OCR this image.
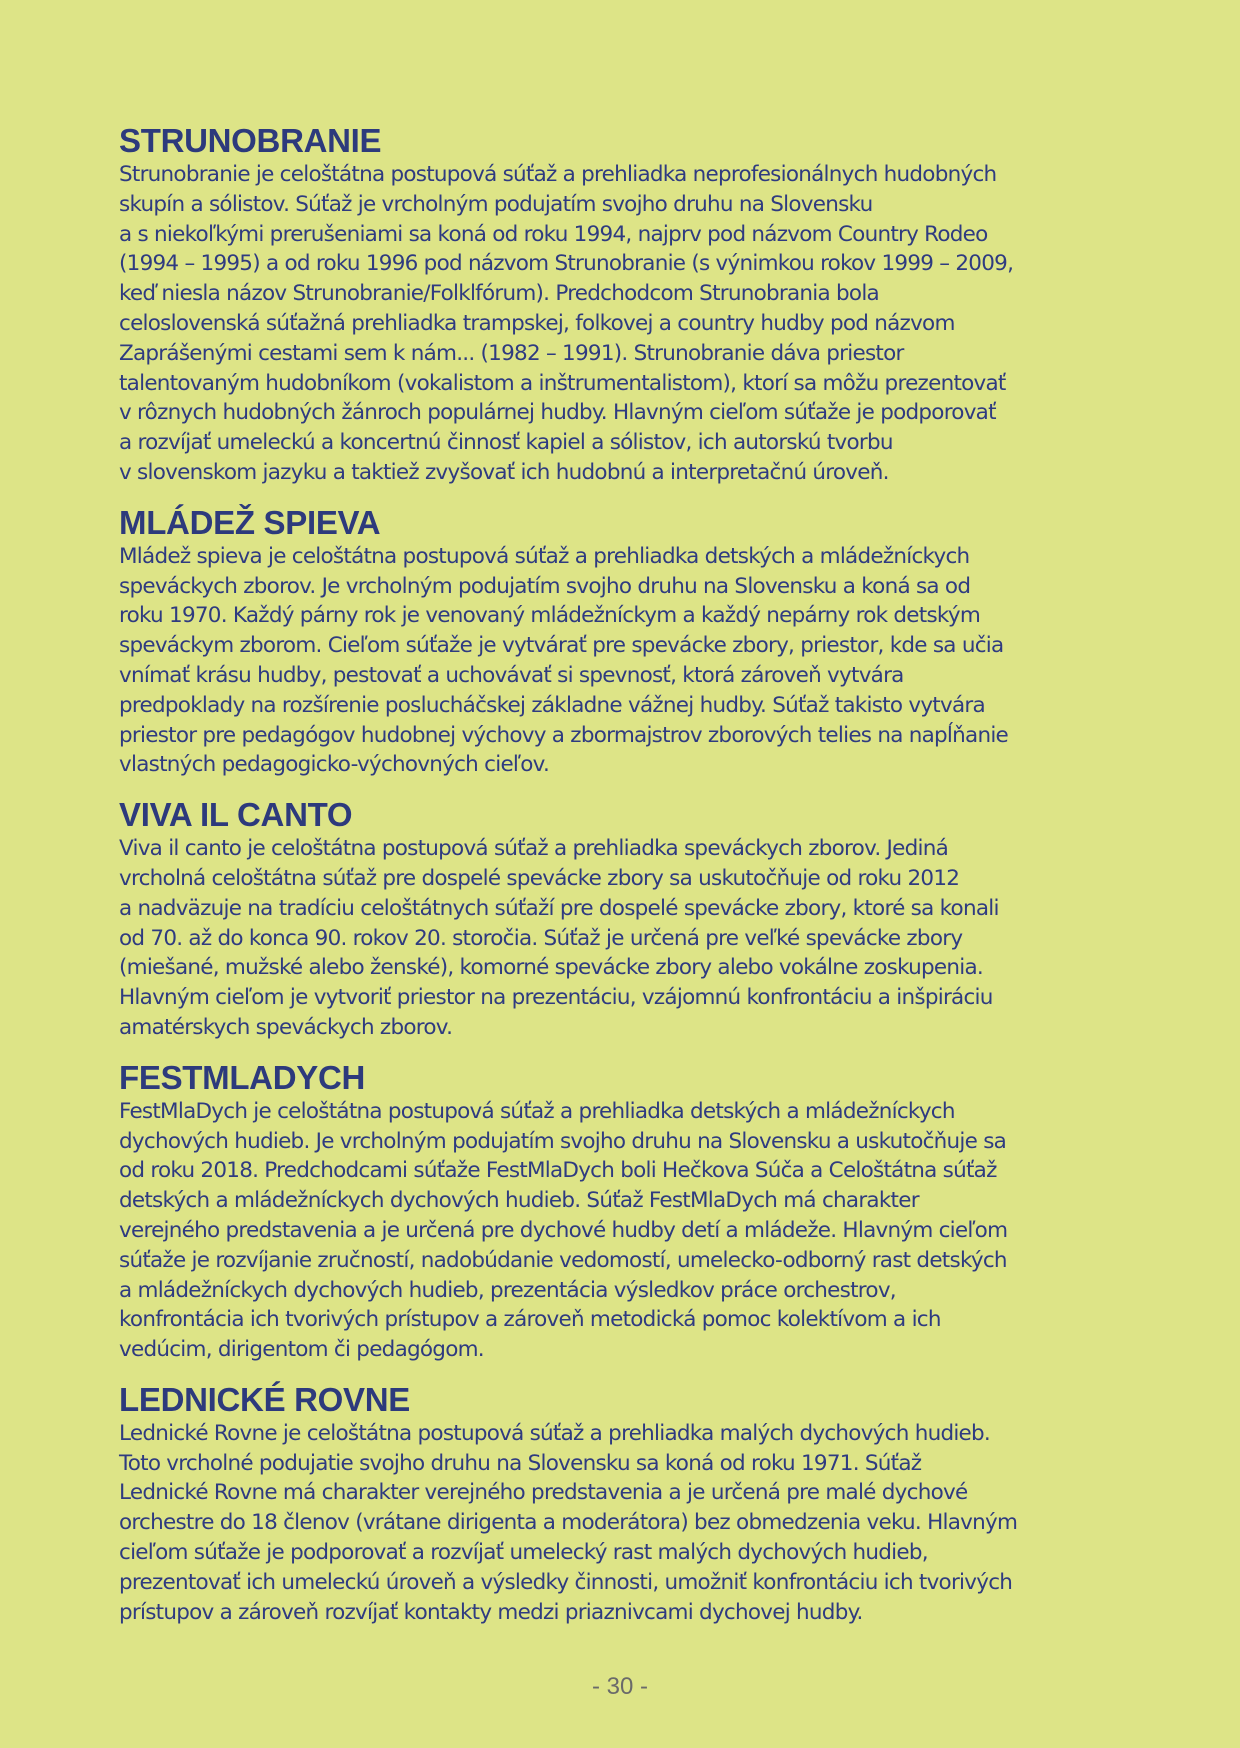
STRUNOBRANIE

Strunobranie je celoštátna postupová súťaž a prehliadka neprofesionálnych hudobných
skupín a sólistov. Súťaž je vrcholným podujatím svojho druhu na Slovensku
a s niekoľkými prerušeniami sa koná od roku 1994, najprv pod názvom Country Rodeo
(1994 – 1995) a od roku 1996 pod názvom Strunobranie (s výnimkou rokov 1999 – 2009,
keď niesla názov Strunobranie/Folklfórum). Predchodcom Strunobrania bola
celoslovenská súťažná prehliadka trampskej, folkovej a country hudby pod názvom
Zaprášenými cestami sem k nám... (1982 – 1991). Strunobranie dáva priestor
talentovaným hudobníkom (vokalistom a inštrumentalistom), ktorí sa môžu prezentovať
v rôznych hudobných žánroch populárnej hudby. Hlavným cieľom súťaže je podporovať
a rozvíjať umeleckú a koncertnú činnosť kapiel a sólistov, ich autorskú tvorbu
v slovenskom jazyku a taktiež zvyšovať ich hudobnú a interpretačnú úroveň.

MLÁDEŽ SPIEVA

Mládež spieva je celoštátna postupová súťaž a prehliadka detských a mládežníckych
speváckych zborov. Je vrcholným podujatím svojho druhu na Slovensku a koná sa od
roku 1970. Každý párny rok je venovaný mládežníckym a každý nepárny rok detským
speváckym zborom. Cieľom súťaže je vytvárať pre spevácke zbory, priestor, kde sa učia
vnímať krásu hudby, pestovať a uchovávať si spevnosť, ktorá zároveň vytvára
predpoklady na rozšírenie poslucháčskej základne vážnej hudby. Súťaž takisto vytvára
priestor pre pedagógov hudobnej výchovy a zbormajstrov zborových telies na napĺňanie
vlastných pedagogicko-výchovných cieľov.

VIVA IL CANTO

Viva il canto je celoštátna postupová súťaž a prehliadka speváckych zborov. Jediná
vrcholná celoštátna súťaž pre dospelé spevácke zbory sa uskutočňuje od roku 2012
a nadväzuje na tradíciu celoštátnych súťaží pre dospelé spevácke zbory, ktoré sa konali
od 70. až do konca 90. rokov 20. storočia. Súťaž je určená pre veľké spevácke zbory
(miešané, mužské alebo ženské), komorné spevácke zbory alebo vokálne zoskupenia.
Hlavným cieľom je vytvoriť priestor na prezentáciu, vzájomnú konfrontáciu a inšpiráciu
amatérskych speváckych zborov.

FESTMLADYCH

FestMlaDych je celoštátna postupová súťaž a prehliadka detských a mládežníckych
dychových hudieb. Je vrcholným podujatím svojho druhu na Slovensku a uskutočňuje sa
od roku 2018. Predchodcami súťaže FestMlaDych boli Hečkova Súča a Celoštátna súťaž
detských a mládežníckych dychových hudieb. Súťaž FestMlaDych má charakter
verejného predstavenia a je určená pre dychové hudby detí a mládeže. Hlavným cieľom
súťaže je rozvíjanie zručností, nadobúdanie vedomostí, umelecko-odborný rast detských
a mládežníckych dychových hudieb, prezentácia výsledkov práce orchestrov,
konfrontácia ich tvorivých prístupov a zároveň metodická pomoc kolektívom a ich
vedúcim, dirigentom či pedagógom.

LEDNICKÉ ROVNE

Lednické Rovne je celoštátna postupová súťaž a prehliadka malých dychových hudieb.
Toto vrcholné podujatie svojho druhu na Slovensku sa koná od roku 1971. Súťaž
Lednické Rovne má charakter verejného predstavenia a je určená pre malé dychové
orchestre do 18 členov (vrátane dirigenta a moderátora) bez obmedzenia veku. Hlavným
cieľom súťaže je podporovať a rozvíjať umelecký rast malých dychových hudieb,
prezentovať ich umeleckú úroveň a výsledky činnosti, umožniť konfrontáciu ich tvorivých
prístupov a zároveň rozvíjať kontakty medzi priaznivcami dychovej hudby.

- 30 -
